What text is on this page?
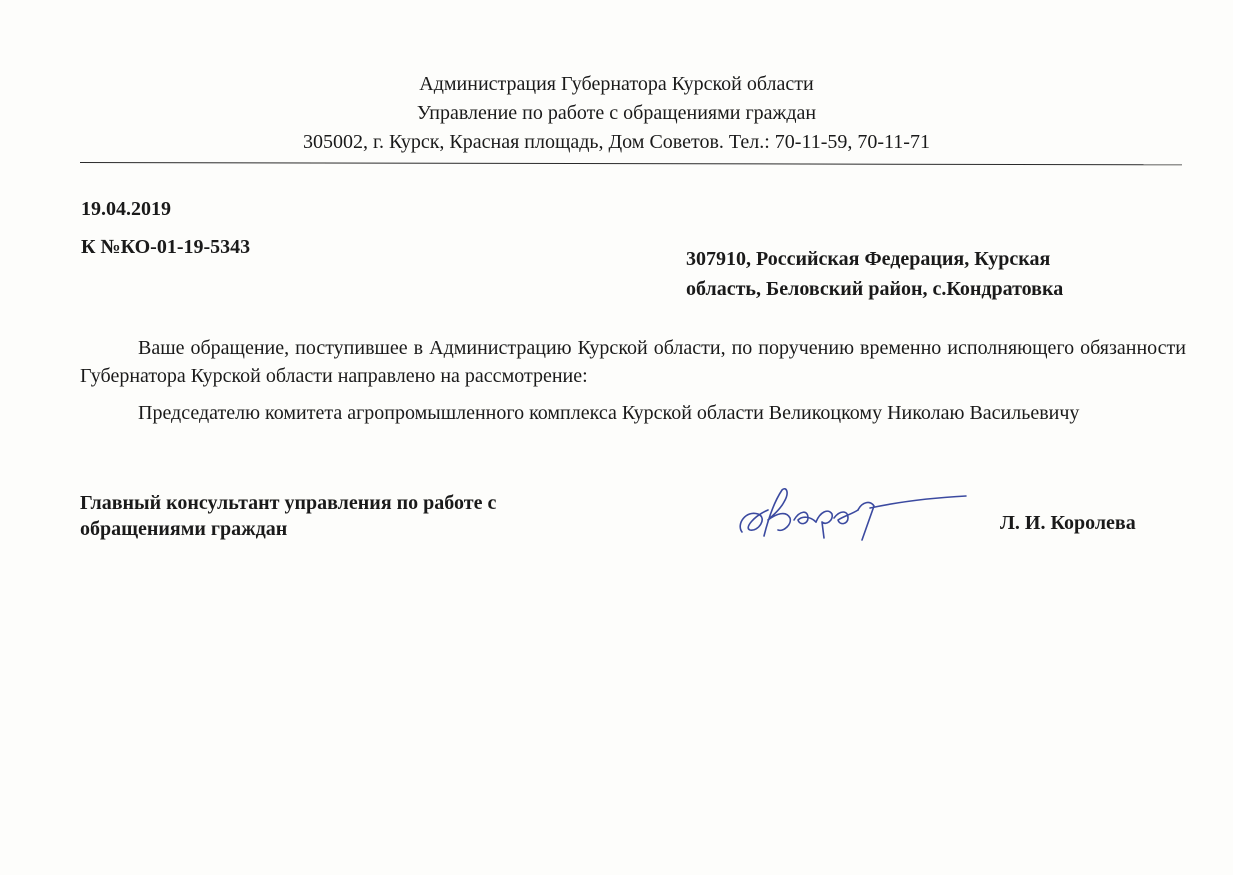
Администрация Губернатора Курской области
Управление по работе с обращениями граждан
305002, г. Курск, Красная площадь, Дом Советов. Тел.: 70-11-59, 70-11-71
19.04.2019
К №КО-01-19-5343
307910, Российская Федерация, Курская
область, Беловский район, с.Кондратовка
Ваше обращение, поступившее в Администрацию Курской области, по поручению временно исполняющего обязанности Губернатора Курской области направлено на рассмотрение:
Председателю комитета агропромышленного комплекса Курской области Великоцкому Николаю Васильевичу
Главный консультант управления по работе с
обращениями граждан
Корол
Л. И. Королева
